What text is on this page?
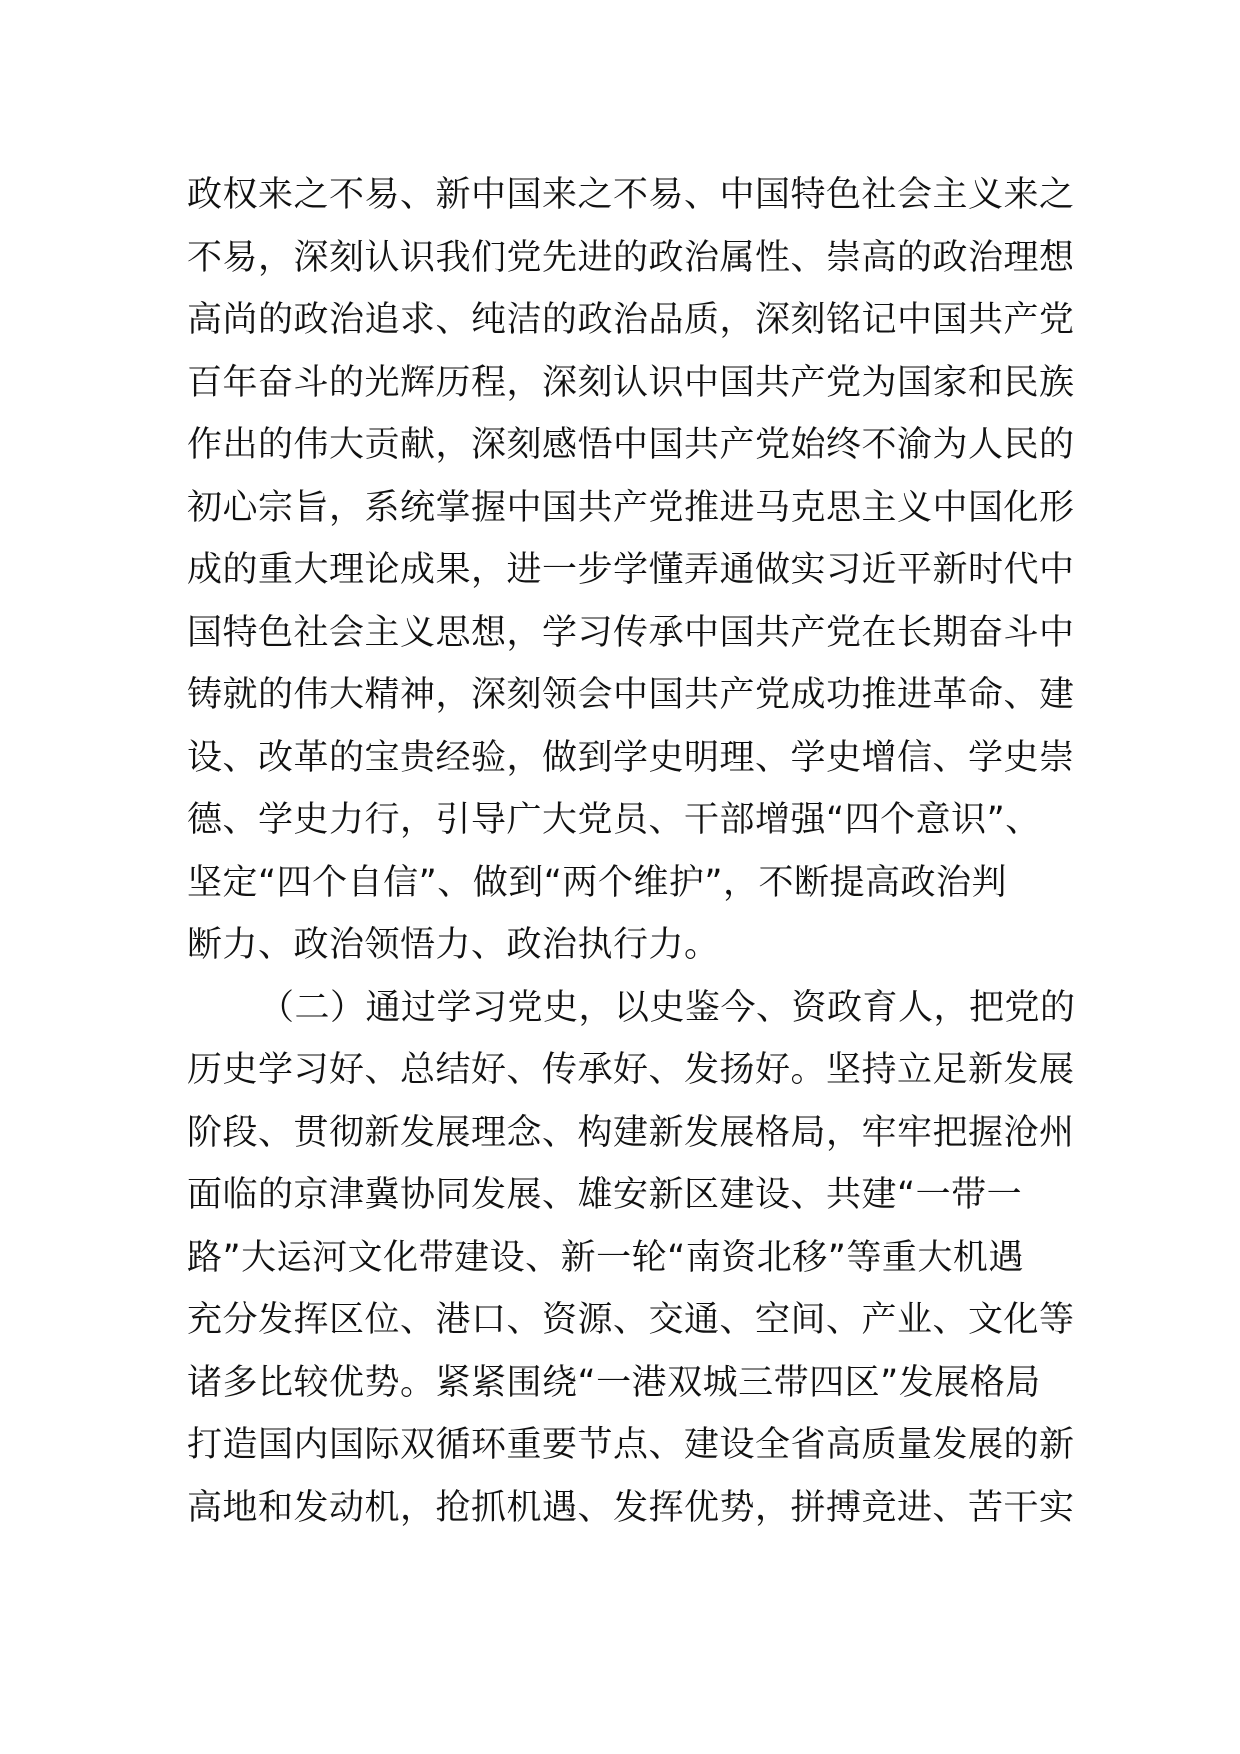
政权来之不易、新中国来之不易、中国特色社会主义来之
不易，深刻认识我们党先进的政治属性、崇高的政治理想
高尚的政治追求、纯洁的政治品质，深刻铭记中国共产党
百年奋斗的光辉历程，深刻认识中国共产党为国家和民族
作出的伟大贡献，深刻感悟中国共产党始终不渝为人民的
初心宗旨，系统掌握中国共产党推进马克思主义中国化形
成的重大理论成果，进一步学懂弄通做实习近平新时代中
国特色社会主义思想，学习传承中国共产党在长期奋斗中
铸就的伟大精神，深刻领会中国共产党成功推进革命、建
设、改革的宝贵经验，做到学史明理、学史增信、学史崇
德、学史力行，引导广大党员、干部增强“四个意识”、
坚定“四个自信”、做到“两个维护”，不断提高政治判
断力、政治领悟力、政治执行力。
（二）通过学习党史，以史鉴今、资政育人，把党的
历史学习好、总结好、传承好、发扬好。坚持立足新发展
阶段、贯彻新发展理念、构建新发展格局，牢牢把握沧州
面临的京津冀协同发展、雄安新区建设、共建“一带一
路”大运河文化带建设、新一轮“南资北移”等重大机遇
充分发挥区位、港口、资源、交通、空间、产业、文化等
诸多比较优势。紧紧围绕“一港双城三带四区”发展格局
打造国内国际双循环重要节点、建设全省高质量发展的新
高地和发动机，抢抓机遇、发挥优势，拼搏竞进、苦干实
